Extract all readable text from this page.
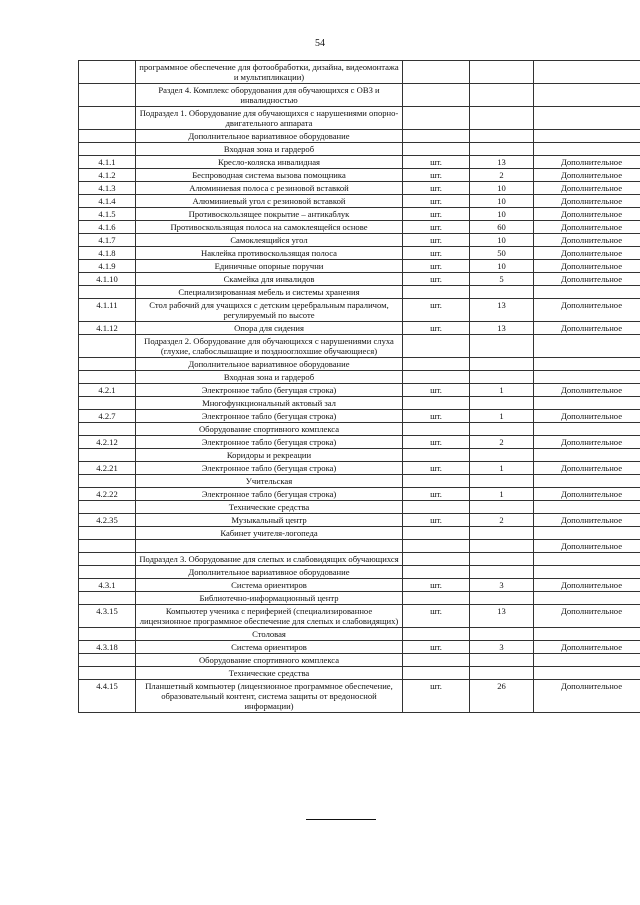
54
	программное обеспечение для фотообработки, дизайна, видеомонтажа и мультипликации)			
	Раздел 4. Комплекс оборудования для обучающихся с ОВЗ и инвалидностью			
	Подраздел 1. Оборудование для обучающихся с нарушениями опорно-двигательного аппарата			
	Дополнительное вариативное оборудование			
	Входная зона и гардероб			
4.1.1	Кресло-коляска инвалидная	шт.	13	Дополнительное
4.1.2	Беспроводная система вызова помощника	шт.	2	Дополнительное
4.1.3	Алюминиевая полоса с резиновой вставкой	шт.	10	Дополнительное
4.1.4	Алюминиевый угол с резиновой вставкой	шт.	10	Дополнительное
4.1.5	Противоскользящее покрытие – антикаблук	шт.	10	Дополнительное
4.1.6	Противоскользящая полоса на самоклеящейся основе	шт.	60	Дополнительное
4.1.7	Самоклеящийся угол	шт.	10	Дополнительное
4.1.8	Наклейка противоскользящая полоса	шт.	50	Дополнительное
4.1.9	Единичные опорные поручни	шт.	10	Дополнительное
4.1.10	Скамейка для инвалидов	шт.	5	Дополнительное
	Специализированная мебель и системы хранения			
4.1.11	Стол рабочий для учащихся с детским церебральным параличом, регулируемый по высоте	шт.	13	Дополнительное
4.1.12	Опора для сидения	шт.	13	Дополнительное
	Подраздел 2. Оборудование для обучающихся с нарушениями слуха (глухие, слабослышащие и позднооглохшие обучающиеся)			
	Дополнительное вариативное оборудование			
	Входная зона и гардероб			
4.2.1	Электронное табло (бегущая строка)	шт.	1	Дополнительное
	Многофункциональный актовый зал			
4.2.7	Электронное табло (бегущая строка)	шт.	1	Дополнительное
	Оборудование спортивного комплекса			
4.2.12	Электронное табло (бегущая строка)	шт.	2	Дополнительное
	Коридоры и рекреации			
4.2.21	Электронное табло (бегущая строка)	шт.	1	Дополнительное
	Учительская			
4.2.22	Электронное табло (бегущая строка)	шт.	1	Дополнительное
	Технические средства			
4.2.35	Музыкальный центр	шт.	2	Дополнительное
	Кабинет учителя-логопеда			
				Дополнительное
	Подраздел 3. Оборудование для слепых и слабовидящих обучающихся			
	Дополнительное вариативное оборудование			
4.3.1	Система ориентиров	шт.	3	Дополнительное
	Библиотечно-информационный центр			
4.3.15	Компьютер ученика с периферией (специализированное лицензионное программное обеспечение для слепых и слабовидящих)	шт.	13	Дополнительное
	Столовая			
4.3.18	Система ориентиров	шт.	3	Дополнительное
	Оборудование спортивного комплекса			
	Технические средства			
4.4.15	Планшетный компьютер (лицензионное программное обеспечение, образовательный контент, система защиты от вредоносной информации)	шт.	26	Дополнительное
